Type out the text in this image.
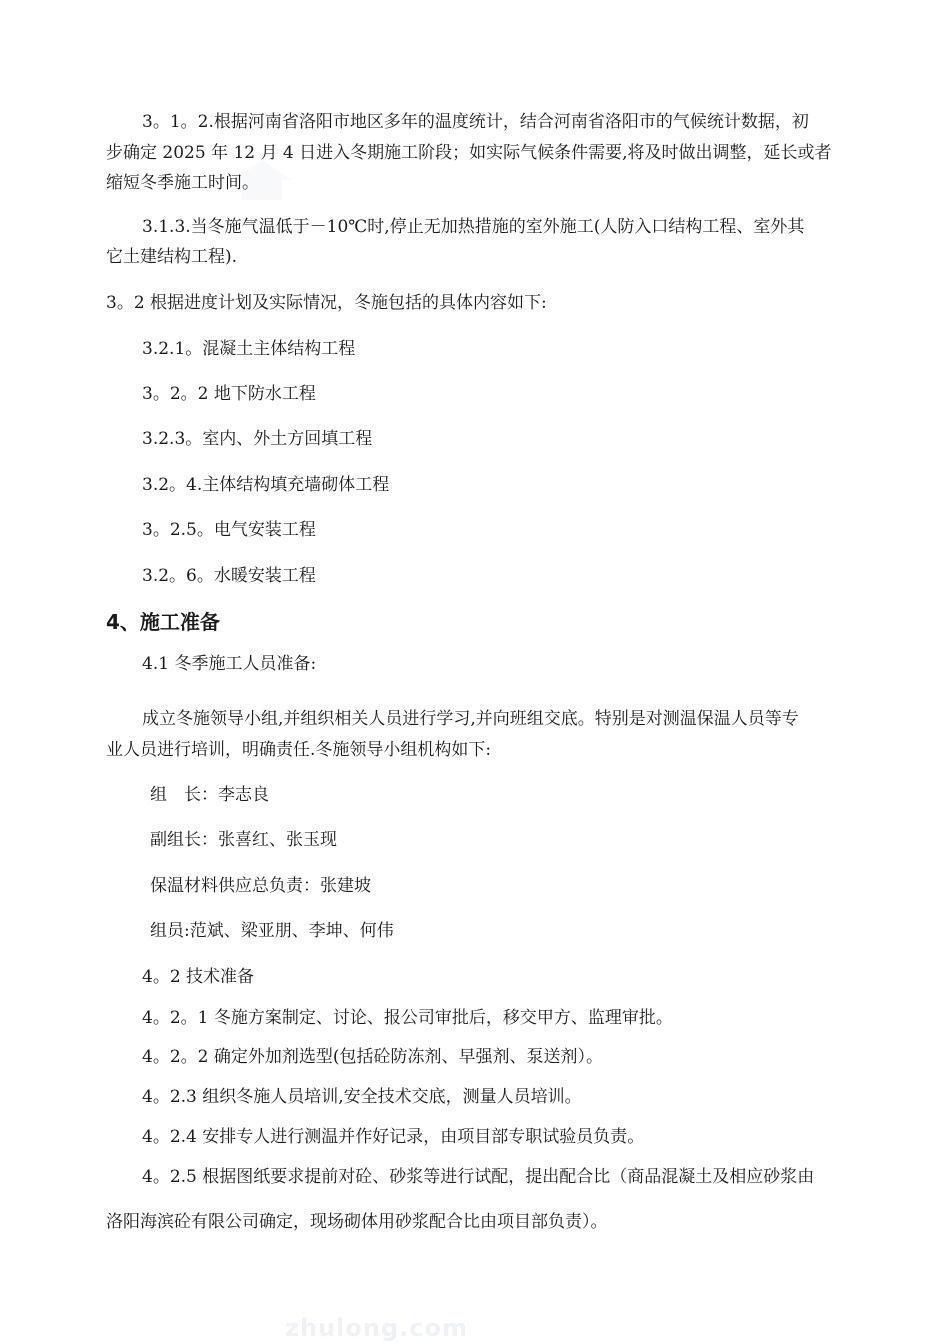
3。1。2.根据河南省洛阳市地区多年的温度统计，结合河南省洛阳市的气候统计数据，初
步确定 2025 年 12 月 4 日进入冬期施工阶段；如实际气候条件需要,将及时做出调整，延长或者
缩短冬季施工时间。
3.1.3.当冬施气温低于－10℃时,停止无加热措施的室外施工(人防入口结构工程、室外其
它土建结构工程).
3。2 根据进度计划及实际情况，冬施包括的具体内容如下:
3.2.1。混凝土主体结构工程
3。2。2 地下防水工程
3.2.3。室内、外土方回填工程
3.2。4.主体结构填充墙砌体工程
3。2.5。电气安装工程
3.2。6。水暖安装工程
4、施工准备
4.1 冬季施工人员准备:
成立冬施领导小组,并组织相关人员进行学习,并向班组交底。特别是对测温保温人员等专
业人员进行培训，明确责任.冬施领导小组机构如下:
组　长：李志良
副组长：张喜红、张玉现
保温材料供应总负责：张建坡
组员:范斌、梁亚朋、李坤、何伟
4。2 技术准备
4。2。1 冬施方案制定、讨论、报公司审批后，移交甲方、监理审批。
4。2。2 确定外加剂选型(包括砼防冻剂、早强剂、泵送剂）。
4。2.3 组织冬施人员培训,安全技术交底，测量人员培训。
4。2.4 安排专人进行测温并作好记录，由项目部专职试验员负责。
4。2.5 根据图纸要求提前对砼、砂浆等进行试配，提出配合比（商品混凝土及相应砂浆由
洛阳海滨砼有限公司确定，现场砌体用砂浆配合比由项目部负责）。
zhulong.com
